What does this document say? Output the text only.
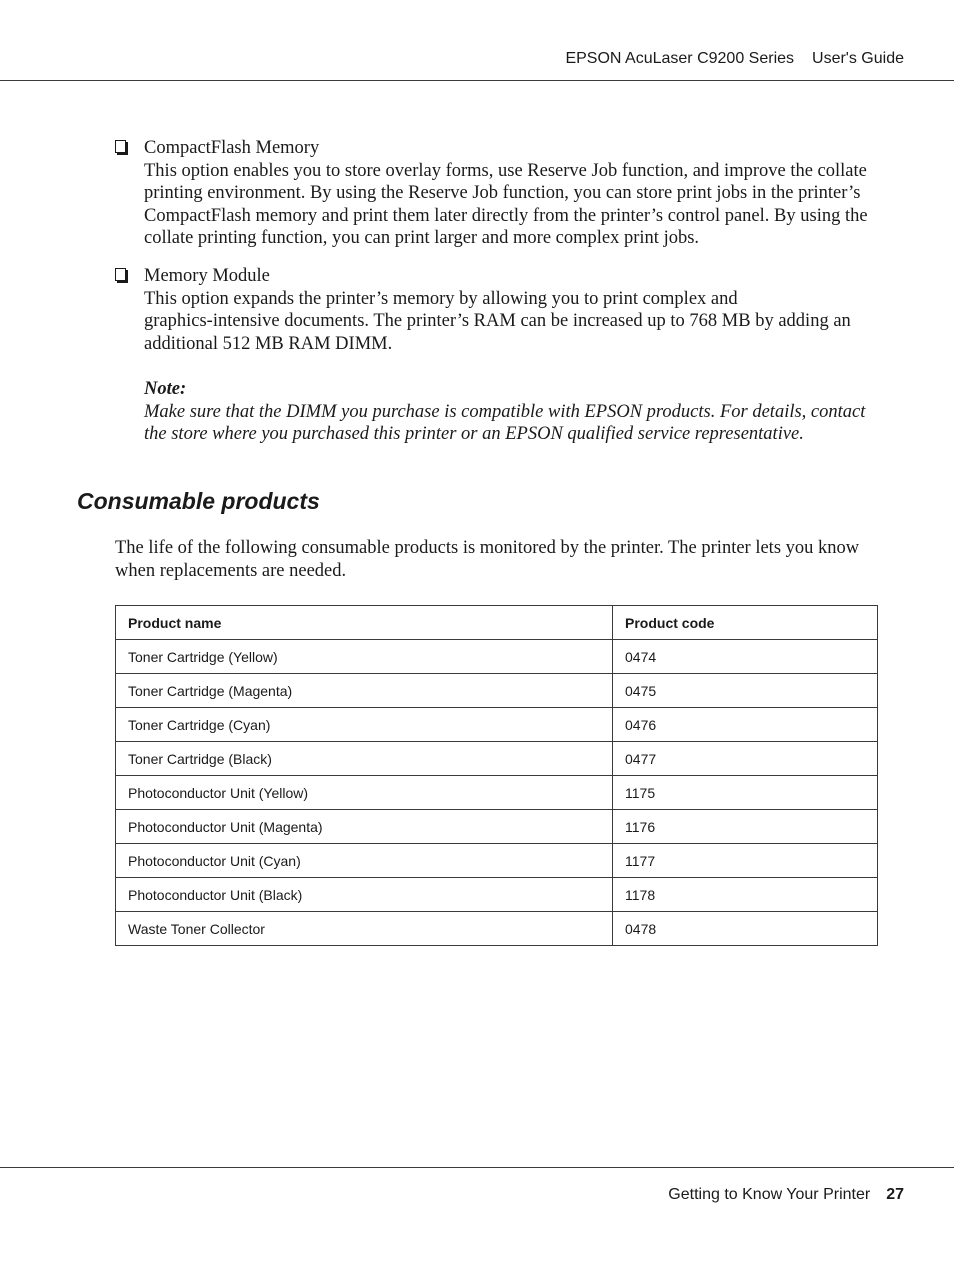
EPSON AcuLaser C9200 Series User's Guide
CompactFlash Memory
This option enables you to store overlay forms, use Reserve Job function, and improve the collate printing environment. By using the Reserve Job function, you can store print jobs in the printer’s CompactFlash memory and print them later directly from the printer’s control panel. By using the collate printing function, you can print larger and more complex print jobs.
Memory Module
This option expands the printer’s memory by allowing you to print complex and
graphics-intensive documents. The printer’s RAM can be increased up to 768 MB by adding an additional 512 MB RAM DIMM.
Note:
Make sure that the DIMM you purchase is compatible with EPSON products. For details, contact the store where you purchased this printer or an EPSON qualified service representative.
Consumable products
The life of the following consumable products is monitored by the printer. The printer lets you know when replacements are needed.
Product name	Product code
Toner Cartridge (Yellow)	0474
Toner Cartridge (Magenta)	0475
Toner Cartridge (Cyan)	0476
Toner Cartridge (Black)	0477
Photoconductor Unit (Yellow)	1175
Photoconductor Unit (Magenta)	1176
Photoconductor Unit (Cyan)	1177
Photoconductor Unit (Black)	1178
Waste Toner Collector	0478
Getting to Know Your Printer 27
